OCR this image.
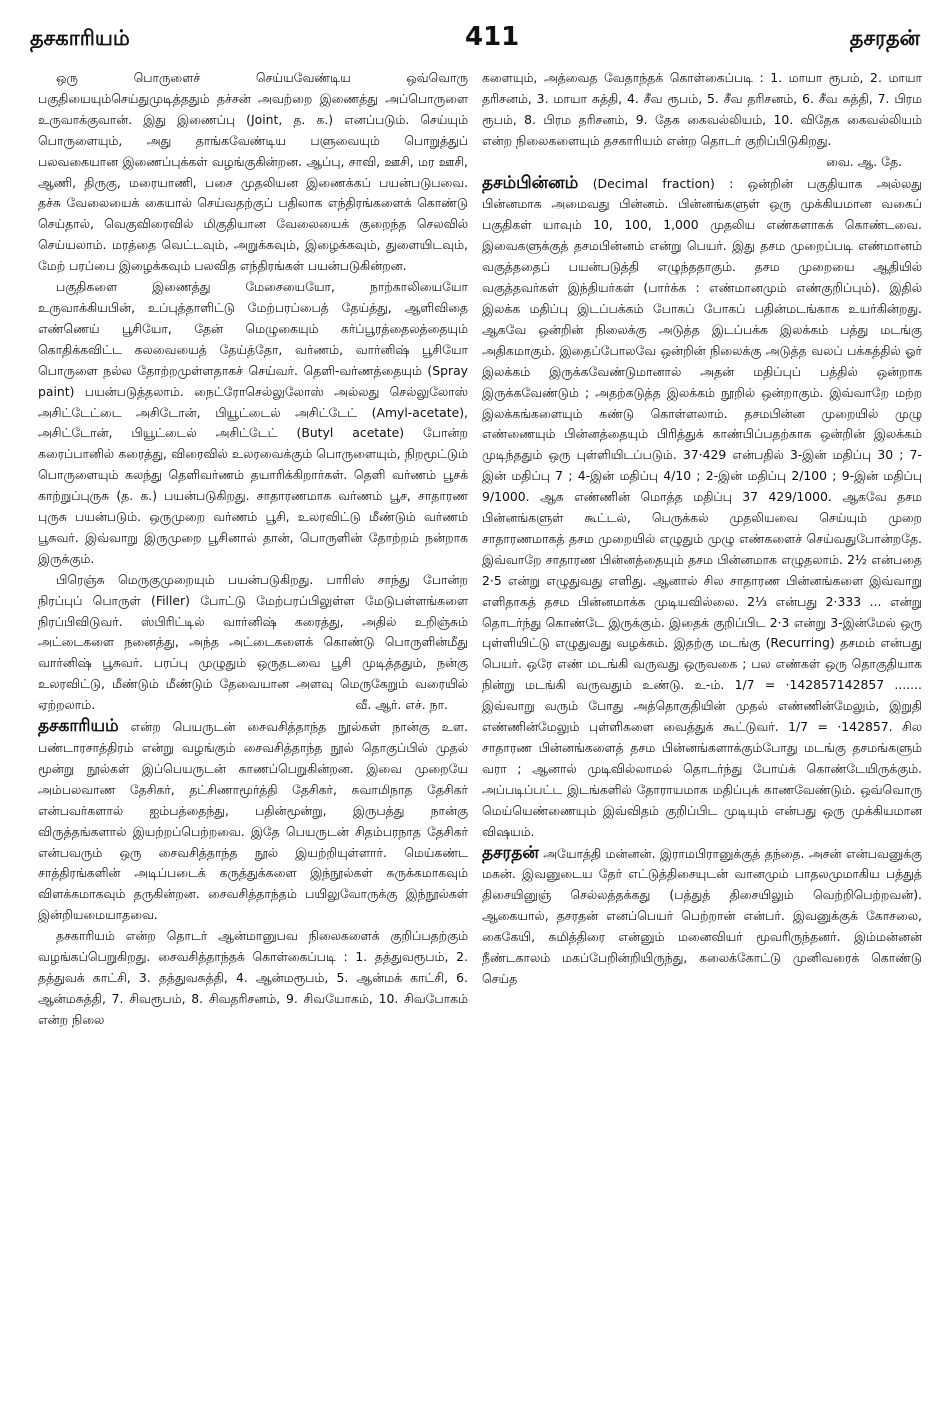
தசகாரியம்	411	தசரதன்

ஒரு பொருளைச் செய்யவேண்டிய ஒவ்வொரு பகுதியையும்செய்துமுடித்ததும் தச்சன் அவற்றை இணைத்து அப்பொருளை உருவாக்குவான். இது இணைப்பு (Joint, த. க.) எனப்படும். செய்யும் பொருளையும், அது தாங்கவேண்டிய பளுவையும் பொறுத்துப் பலவகையான இணைப்புக்கள் வழங்குகின்றன. ஆப்பு, சாவி, ஊசி, மர ஊசி, ஆணி, திருகு, மரையாணி, பசை முதலியன இணைக்கப் பயன்படுபவை. தச்சு வேலையைக் கையால் செய்வதற்குப் பதிலாக எந்திரங்களைக் கொண்டு செய்தால், வெகுவிரைவில் மிகுதியான வேலையைக் குறைந்த செலவில் செய்யலாம். மரத்தை வெட்டவும், அறுக்கவும், இழைக்கவும், துளையிடவும், மேற் பரப்பை இழைக்கவும் பலவித எந்திரங்கள் பயன்படுகின்றன.

பகுதிகளை இணைத்து மேசையையோ, நாற்காலியையோ உருவாக்கியபின், உப்புத்தாளிட்டு மேற்பரப்பைத் தேய்த்து, ஆளிவிதை எண்ணெய் பூசியோ, தேன் மெழுகையும் கர்ப்பூரத்தைலத்தையும் கொதிக்கவிட்ட கலவையைத் தேய்த்தோ, வர்ணம், வார்னிஷ் பூசியோ பொருளை நல்ல தோற்றமுள்ளதாகச் செய்வர். தெளி-வர்ணத்தையும் (Spray paint) பயன்படுத்தலாம். நைட்ரோசெல்லுலோஸ் அல்லது செல்லுலோஸ் அசிட்டேட்டை அசிடோன், பியூட்டைல் அசிட்டேட் (Amyl-acetate), அசிட்டோன், பியூட்டைல் அசிட்டேட் (Butyl acetate) போன்ற கரைப்பானில் கரைத்து, விரைவில் உலரவைக்கும் பொருளையும், நிறமூட்டும் பொருளையும் கலந்து தெளிவர்ணம் தயாரிக்கிறார்கள். தெளி வர்ணம் பூசக் காற்றுப்புருசு (த. க.) பயன்படுகிறது. சாதாரணமாக வர்ணம் பூச, சாதாரண புருசு பயன்படும். ஒருமுறை வர்ணம் பூசி, உலரவிட்டு மீண்டும் வர்ணம் பூசுவர். இவ்வாறு இருமுறை பூசினால் தான், பொருளின் தோற்றம் நன்றாக இருக்கும்.

பிரெஞ்சு மெருகுமுறையும் பயன்படுகிறது. பாரிஸ் சாந்து போன்ற நிரப்புப் பொருள் (Filler) போட்டு மேற்பரப்பிலுள்ள மேடுபள்ளங்களை நிரப்பிவிடுவர். ஸ்பிரிட்டில் வார்னிஷ் கரைத்து, அதில் உறிஞ்சும் அட்டைகளை நனைத்து, அந்த அட்டைகளைக் கொண்டு பொருளின்மீது வார்னிஷ் பூசுவர். பரப்பு முழுதும் ஒருதடவை பூசி முடித்ததும், நன்கு உலரவிட்டு, மீண்டும் மீண்டும் தேவையான அளவு மெருகேறும் வரையில் ஏற்றலாம்.	வீ. ஆர். எச். நா.

தசகாரியம் என்ற பெயருடன் சைவசித்தாந்த நூல்கள் நான்கு உள. பண்டாரசாத்திரம் என்று வழங்கும் சைவசித்தாந்த நூல் தொகுப்பில் முதல் மூன்று நூல்கள் இப்பெயருடன் காணப்பெறுகின்றன. இவை முறையே அம்பலவாண தேசிகர், தட்சிணாமூர்த்தி தேசிகர், சுவாமிநாத தேசிகர் என்பவர்களால் ஐம்பத்தைந்து, பதின்மூன்று, இருபத்து நான்கு விருத்தங்களால் இயற்றப்பெற்றவை. இதே பெயருடன் சிதம்பரநாத தேசிகர் என்பவரும் ஒரு சைவசித்தாந்த நூல் இயற்றியுள்ளார். மெய்கண்ட சாத்திரங்களின் அடிப்படைக் கருத்துக்களை இந்நூல்கள் சுருக்கமாகவும் விளக்கமாகவும் தருகின்றன. சைவசித்தாந்தம் பயிலுவோருக்கு இந்நூல்கள் இன்றியமையாதவை.

தசகாரியம் என்ற தொடர் ஆன்மானுபவ நிலைகளைக் குறிப்பதற்கும் வழங்கப்பெறுகிறது. சைவசித்தாந்தக் கொள்கைப்படி : 1. தத்துவரூபம், 2. தத்துவக் காட்சி, 3. தத்துவசுத்தி, 4. ஆன்மரூபம், 5. ஆன்மக் காட்சி, 6. ஆன்மசுத்தி, 7. சிவரூபம், 8. சிவதரிசனம், 9. சிவயோகம், 10. சிவபோகம் என்ற நிலை

களையும், அத்வைத வேதாந்தக் கொள்கைப்படி : 1. மாயா ரூபம், 2. மாயா தரிசனம், 3. மாயா சுத்தி, 4. சீவ ரூபம், 5. சீவ தரிசனம், 6. சீவ சுத்தி, 7. பிரம ரூபம், 8. பிரம தரிசனம், 9. தேக கைவல்லியம், 10. விதேக கைவல்லியம் என்ற நிலைகளையும் தசகாரியம் என்ற தொடர் குறிப்பிடுகிறது.
வை. ஆ. தே.

தசம்பின்னம் (Decimal fraction) : ஒன்றின் பகுதியாக அல்லது பின்னமாக அமைவது பின்னம். பின்னங்களுள் ஒரு முக்கியமான வகைப் பகுதிகள் யாவும் 10, 100, 1,000 முதலிய எண்களாகக் கொண்டவை. இவைகளுக்குத் தசமபின்னம் என்று பெயர். இது தசம முறைப்படி எண்மானம் வகுத்ததைப் பயன்படுத்தி எழுந்ததாகும். தசம முறையை ஆதியில் வகுத்தவர்கள் இந்தியர்கள் (பார்க்க : எண்மானமும் எண்குறிப்பும்). இதில் இலக்க மதிப்பு இடப்பக்கம் போகப் போகப் பதின்மடங்காக உயர்கின்றது. ஆகவே ஒன்றின் நிலைக்கு அடுத்த இடப்பக்க இலக்கம் பத்து மடங்கு அதிகமாகும். இதைப்போலவே ஒன்றின் நிலைக்கு அடுத்த வலப் பக்கத்தில் ஓர் இலக்கம் இருக்கவேண்டுமானால் அதன் மதிப்புப் பத்தில் ஒன்றாக இருக்கவேண்டும் ; அதற்கடுத்த இலக்கம் நூறில் ஒன்றாகும். இவ்வாறே மற்ற இலக்கங்களையும் கண்டு கொள்ளலாம். தசமபின்ன முறையில் முழு எண்ணையும் பின்னத்தையும் பிரித்துக் காண்பிப்பதற்காக ஒன்றின் இலக்கம் முடிந்ததும் ஒரு புள்ளியிடப்படும். 37·429 என்பதில் 3-இன் மதிப்பு 30 ; 7-இன் மதிப்பு 7 ; 4-இன் மதிப்பு 4/10 ; 2-இன் மதிப்பு 2/100 ; 9-இன் மதிப்பு 9/1000. ஆக எண்ணின் மொத்த மதிப்பு 37 429/1000. ஆகவே தசம பின்னங்களுள் கூட்டல், பெருக்கல் முதலியவை செய்யும் முறை சாதாரணமாகத் தசம முறையில் எழுதும் முழு எண்களைச் செய்வதுபோன்றதே. இவ்வாறே சாதாரண பின்னத்தையும் தசம பின்னமாக எழுதலாம். 2½ என்பதை 2·5 என்று எழுதுவது எளிது. ஆனால் சில சாதாரண பின்னங்களை இவ்வாறு எளிதாகத் தசம பின்னமாக்க முடியவில்லை. 2⅓ என்பது 2·333 ... என்று தொடர்ந்து கொண்டே இருக்கும். இதைக் குறிப்பிட 2·3 என்று 3-இன்மேல் ஒரு புள்ளியிட்டு எழுதுவது வழக்கம். இதற்கு மடங்கு (Recurring) தசமம் என்பது பெயர். ஒரே எண் மடங்கி வருவது ஒருவகை ; பல எண்கள் ஒரு தொகுதியாக நின்று மடங்கி வருவதும் உண்டு. உ-ம். 1/7 = ·142857142857 ....... இவ்வாறு வரும் போது அத்தொகுதியின் முதல் எண்ணின்மேலும், இறுதி எண்ணின்மேலும் புள்ளிகளை வைத்துக் கூட்டுவர். 1/7 = ·142857. சில சாதாரண பின்னங்களைத் தசம பின்னங்களாக்கும்போது மடங்கு தசமங்களும் வரா ; ஆனால் முடிவில்லாமல் தொடர்ந்து போய்க் கொண்டேயிருக்கும். அப்படிப்பட்ட இடங்களில் தோராயமாக மதிப்புக் காணவேண்டும். ஒவ்வொரு மெய்யெண்ணையும் இவ்விதம் குறிப்பிட முடியும் என்பது ஒரு முக்கியமான விஷயம்.

தசரதன் அயோத்தி மன்னன். இராமபிரானுக்குத் தந்தை. அசன் என்பவனுக்கு மகன். இவனுடைய தேர் எட்டுத்திசையுடன் வானமும் பாதலமுமாகிய பத்துத் திசையினுஞ் செல்லத்தக்கது (பத்துத் திசையிலும் வெற்றிபெற்றவன்). ஆகையால், தசரதன் எனப்பெயர் பெற்றான் என்பர். இவனுக்குக் கோசலை, கைகேயி, சுமித்திரை என்னும் மனைவியர் மூவரிருந்தனர். இம்மன்னன் நீண்டகாலம் மகப்பேறின்றியிருந்து, கலைக்கோட்டு முனிவரைக் கொண்டு செய்த
